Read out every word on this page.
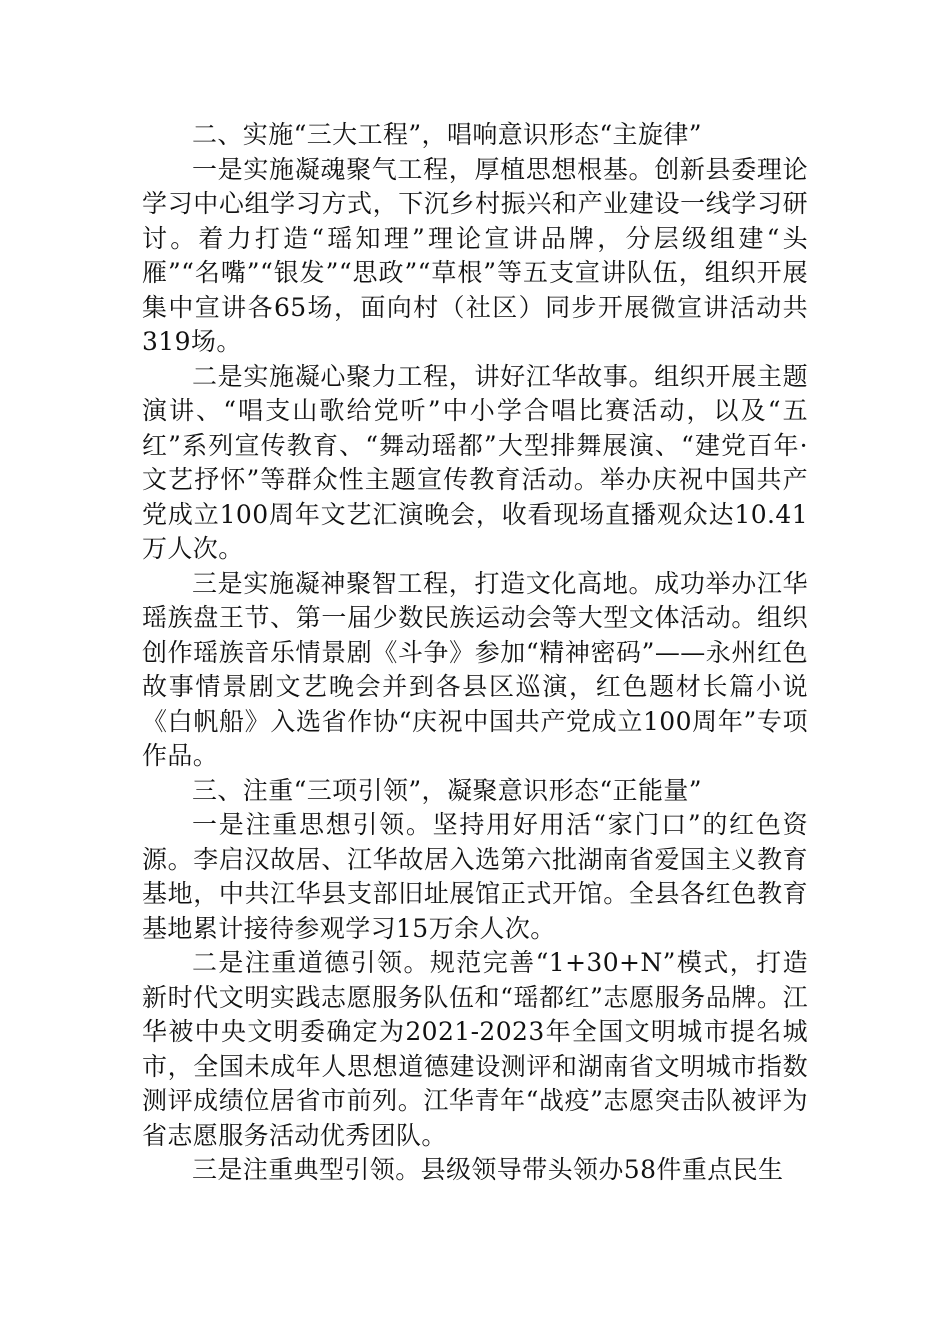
二、实施“三大工程”，唱响意识形态“主旋律”

一是实施凝魂聚气工程，厚植思想根基。创新县委理论学习中心组学习方式，下沉乡村振兴和产业建设一线学习研讨。着力打造“瑶知理”理论宣讲品牌，分层级组建“头雁”“名嘴”“银发”“思政”“草根”等五支宣讲队伍，组织开展集中宣讲各65场，面向村（社区）同步开展微宣讲活动共319场。

二是实施凝心聚力工程，讲好江华故事。组织开展主题演讲、“唱支山歌给党听”中小学合唱比赛活动，以及“五红”系列宣传教育、“舞动瑶都”大型排舞展演、“建党百年·文艺抒怀”等群众性主题宣传教育活动。举办庆祝中国共产党成立100周年文艺汇演晚会，收看现场直播观众达10.41万人次。

三是实施凝神聚智工程，打造文化高地。成功举办江华瑶族盘王节、第一届少数民族运动会等大型文体活动。组织创作瑶族音乐情景剧《斗争》参加“精神密码”——永州红色故事情景剧文艺晚会并到各县区巡演，红色题材长篇小说《白帆船》入选省作协“庆祝中国共产党成立100周年”专项作品。

三、注重“三项引领”，凝聚意识形态“正能量”

一是注重思想引领。坚持用好用活“家门口”的红色资源。李启汉故居、江华故居入选第六批湖南省爱国主义教育基地，中共江华县支部旧址展馆正式开馆。全县各红色教育基地累计接待参观学习15万余人次。

二是注重道德引领。规范完善“1+30+N”模式，打造新时代文明实践志愿服务队伍和“瑶都红”志愿服务品牌。江华被中央文明委确定为2021-2023年全国文明城市提名城市，全国未成年人思想道德建设测评和湖南省文明城市指数测评成绩位居省市前列。江华青年“战疫”志愿突击队被评为省志愿服务活动优秀团队。

三是注重典型引领。县级领导带头领办58件重点民生
